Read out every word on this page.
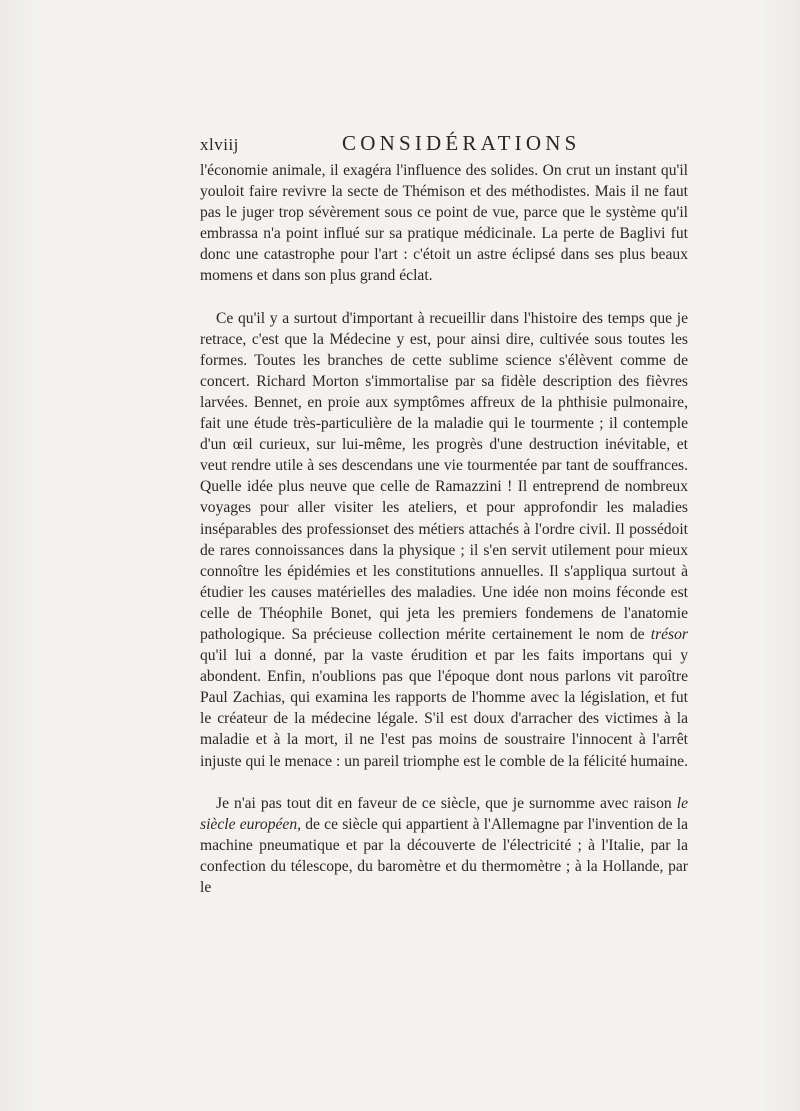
xlviij	CONSIDÉRATIONS

l'économie animale, il exagéra l'influence des solides. On crut un instant qu'il youloit faire revivre la secte de Thémison et des méthodistes. Mais il ne faut pas le juger trop sévèrement sous ce point de vue, parce que le système qu'il embrassa n'a point influé sur sa pratique médicinale. La perte de Baglivi fut donc une catastrophe pour l'art : c'étoit un astre éclipsé dans ses plus beaux momens et dans son plus grand éclat.

Ce qu'il y a surtout d'important à recueillir dans l'histoire des temps que je retrace, c'est que la Médecine y est, pour ainsi dire, cultivée sous toutes les formes. Toutes les branches de cette sublime science s'élèvent comme de concert. Richard Morton s'immortalise par sa fidèle description des fièvres larvées. Bennet, en proie aux symptômes affreux de la phthisie pulmonaire, fait une étude très-particulière de la maladie qui le tourmente ; il contemple d'un œil curieux, sur lui-même, les progrès d'une destruction inévitable, et veut rendre utile à ses descendans une vie tourmentée par tant de souffrances. Quelle idée plus neuve que celle de Ramazzini ! Il entreprend de nombreux voyages pour aller visiter les ateliers, et pour approfondir les maladies inséparables des professionset des métiers attachés à l'ordre civil. Il possédoit de rares connoissances dans la physique ; il s'en servit utilement pour mieux connoître les épidémies et les constitutions annuelles. Il s'appliqua surtout à étudier les causes matérielles des maladies. Une idée non moins féconde est celle de Théophile Bonet, qui jeta les premiers fondemens de l'anatomie pathologique. Sa précieuse collection mérite certainement le nom de trésor qu'il lui a donné, par la vaste érudition et par les faits importans qui y abondent. Enfin, n'oublions pas que l'époque dont nous parlons vit paroître Paul Zachias, qui examina les rapports de l'homme avec la législation, et fut le créateur de la médecine légale. S'il est doux d'arracher des victimes à la maladie et à la mort, il ne l'est pas moins de soustraire l'innocent à l'arrêt injuste qui le menace : un pareil triomphe est le comble de la félicité humaine.

Je n'ai pas tout dit en faveur de ce siècle, que je surnomme avec raison le siècle européen, de ce siècle qui appartient à l'Allemagne par l'invention de la machine pneumatique et par la découverte de l'électricité ; à l'Italie, par la confection du télescope, du baromètre et du thermomètre ; à la Hollande, par le
